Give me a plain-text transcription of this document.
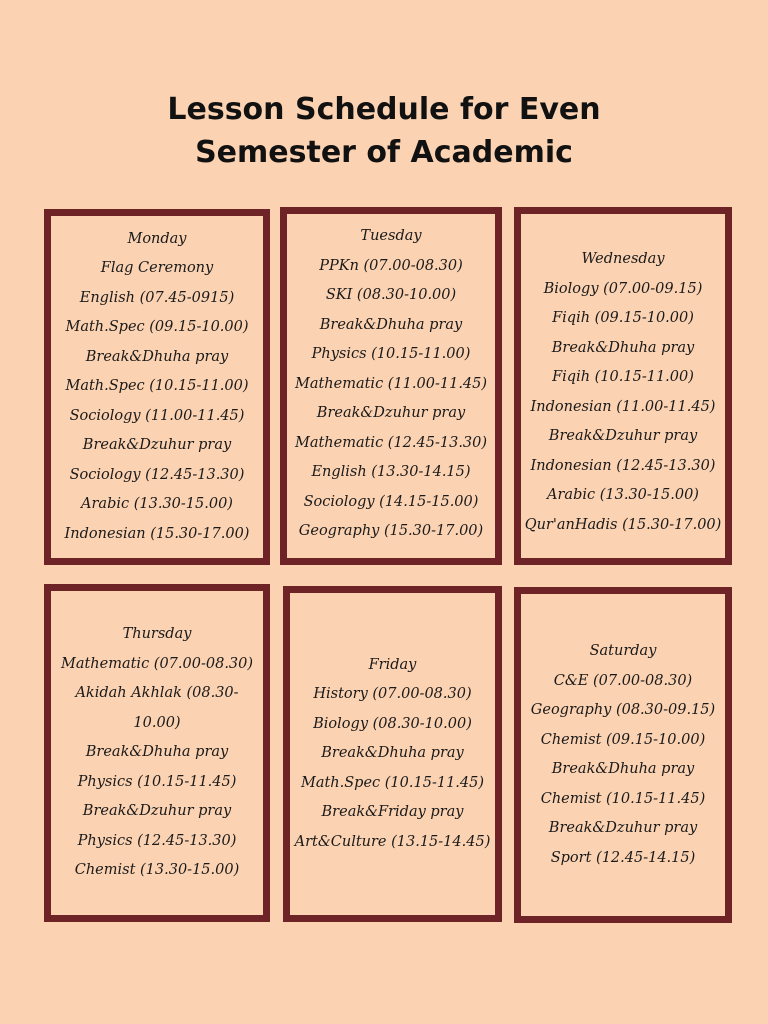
Lesson Schedule for Even
Semester of Academic
Monday
Flag Ceremony
English (07.45-0915)
Math.Spec (09.15-10.00)
Break&Dhuha pray
Math.Spec (10.15-11.00)
Sociology (11.00-11.45)
Break&Dzuhur pray
Sociology (12.45-13.30)
Arabic (13.30-15.00)
Indonesian (15.30-17.00)
Tuesday
PPKn (07.00-08.30)
SKI (08.30-10.00)
Break&Dhuha pray
Physics (10.15-11.00)
Mathematic (11.00-11.45)
Break&Dzuhur pray
Mathematic (12.45-13.30)
English (13.30-14.15)
Sociology (14.15-15.00)
Geography (15.30-17.00)
Wednesday
Biology (07.00-09.15)
Fiqih (09.15-10.00)
Break&Dhuha pray
Fiqih (10.15-11.00)
Indonesian (11.00-11.45)
Break&Dzuhur pray
Indonesian (12.45-13.30)
Arabic (13.30-15.00)
Qur'anHadis (15.30-17.00)
Thursday
Mathematic (07.00-08.30)
Akidah Akhlak (08.30-10.00)
Break&Dhuha pray
Physics (10.15-11.45)
Break&Dzuhur pray
Physics (12.45-13.30)
Chemist (13.30-15.00)
Friday
History (07.00-08.30)
Biology (08.30-10.00)
Break&Dhuha pray
Math.Spec (10.15-11.45)
Break&Friday pray
Art&Culture (13.15-14.45)
Saturday
C&E (07.00-08.30)
Geography (08.30-09.15)
Chemist (09.15-10.00)
Break&Dhuha pray
Chemist (10.15-11.45)
Break&Dzuhur pray
Sport (12.45-14.15)
